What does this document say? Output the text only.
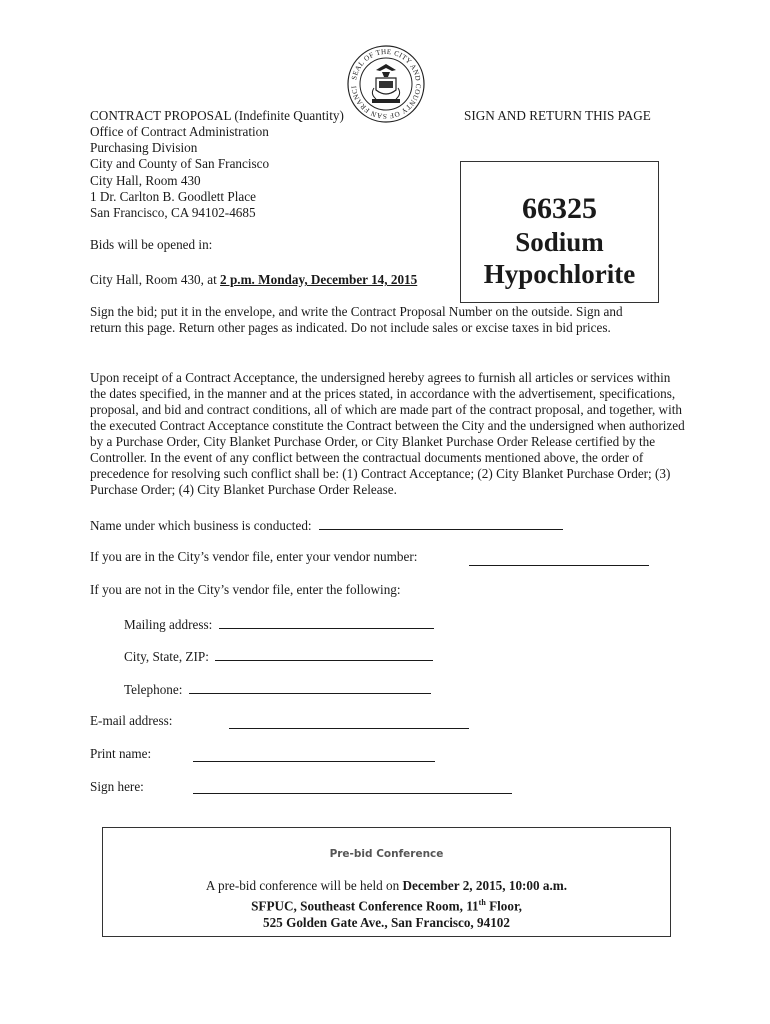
SEAL OF THE CITY AND COUNTY OF SAN FRANCI
CONTRACT PROPOSAL (Indefinite Quantity)	SIGN AND RETURN THIS PAGE
Office of Contract Administration
Purchasing Division
City and County of San Francisco
City Hall, Room 430
1 Dr. Carlton B. Goodlett Place
San Francisco, CA 94102-4685
Bids will be opened in:
City Hall, Room 430, at 2 p.m. Monday, December 14, 2015
66325
Sodium
Hypochlorite
Sign the bid; put it in the envelope, and write the Contract Proposal Number on the outside. Sign and return this page. Return other pages as indicated. Do not include sales or excise taxes in bid prices.
Upon receipt of a Contract Acceptance, the undersigned hereby agrees to furnish all articles or services within the dates specified, in the manner and at the prices stated, in accordance with the advertisement, specifications, proposal, and bid and contract conditions, all of which are made part of the contract proposal, and together, with the executed Contract Acceptance constitute the Contract between the City and the undersigned when authorized by a Purchase Order, City Blanket Purchase Order, or City Blanket Purchase Order Release certified by the Controller. In the event of any conflict between the contractual documents mentioned above, the order of precedence for resolving such conflict shall be: (1) Contract Acceptance; (2) City Blanket Purchase Order; (3) Purchase Order; (4) City Blanket Purchase Order Release.
Name under which business is conducted:
If you are in the City’s vendor file, enter your vendor number:
If you are not in the City’s vendor file, enter the following:
Mailing address:
City, State, ZIP:
Telephone:
E-mail address:
Print name:
Sign here:
Pre-bid Conference
A pre-bid conference will be held on December 2, 2015, 10:00 a.m.
SFPUC, Southeast Conference Room, 11th Floor,
525 Golden Gate Ave., San Francisco, 94102
